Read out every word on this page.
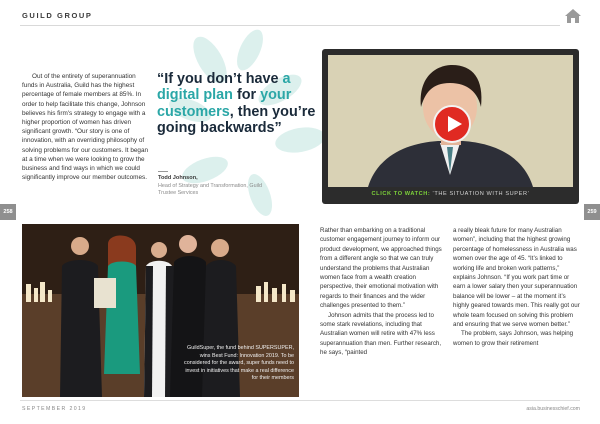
GUILD GROUP

Out of the entirety of superannuation funds in Australia, Guild has the highest percentage of female members at 85%. In order to help facilitate this change, Johnson believes his firm's strategy to engage with a higher proportion of women has driven significant growth. “Our story is one of innovation, with an overriding philosophy of solving problems for our customers. It began at a time when we were looking to grow the business and find ways in which we could significantly improve our member outcomes.

“If you don’t have a digital plan for your customers, then you’re going backwards”
Todd Johnson,
Head of Strategy and Transformation, Guild Trustee Services	CLICK TO WATCH: ‘THE SITUATION WITH SUPER’
258	259
GuildSuper, the fund behind SUPERSUPER, wins Best Fund: Innovation 2019. To be considered for the award, super funds need to invest in initiatives that make a real difference for their members

Rather than embarking on a traditional customer engagement journey to inform our product development, we approached things from a different angle so that we can truly understand the problems that Australian women face from a wealth creation perspective, their emotional motivation with regards to their finances and the wider challenges presented to them.”

Johnson admits that the process led to some stark revelations, including that Australian women will retire with 47% less superannuation than men. Further research, he says, “painted

a really bleak future for many Australian women”, including that the highest growing percentage of homelessness in Australia was women over the age of 45. “It’s linked to working life and broken work patterns,” explains Johnson. “If you work part time or earn a lower salary then your superannuation balance will be lower – at the moment it’s highly geared towards men. This really got our whole team focused on solving this problem and ensuring that we serve women better.”

The problem, says Johnson, was helping women to grow their retirement

SEPTEMBER 2019	asia.businesschief.com
